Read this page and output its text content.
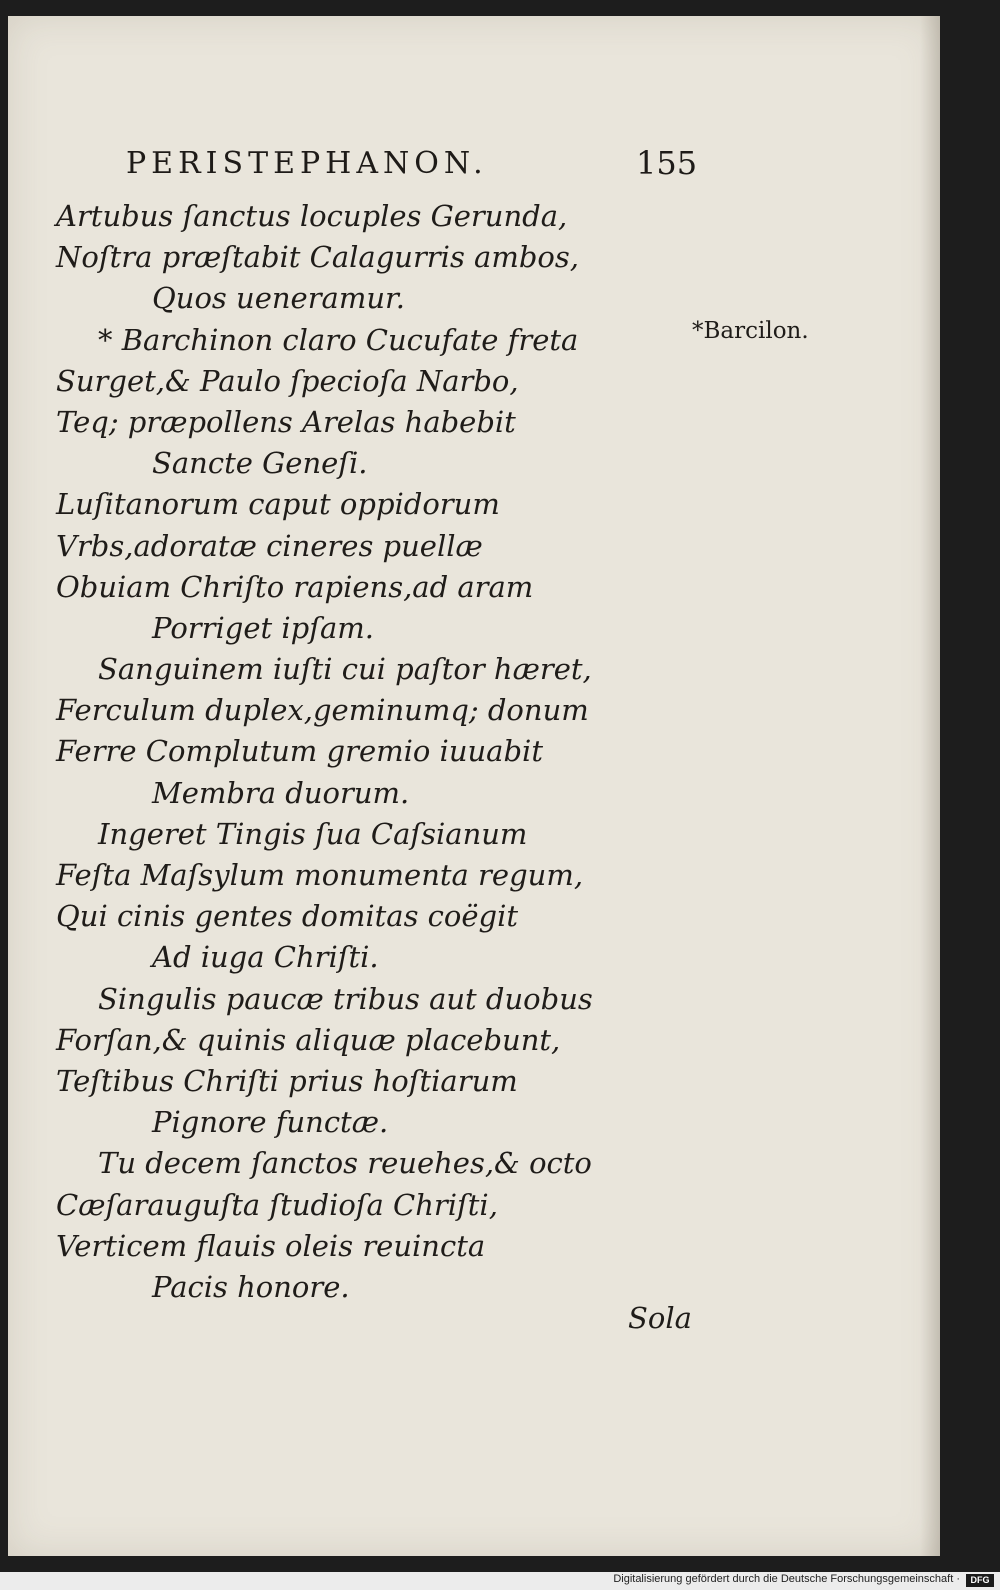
PERISTEPHANON.	155
Artubus ſanctus locuples Gerunda,
Noſtra præſtabit Calagurris ambos,
Quos ueneramur.
* Barchinon claro Cucufate freta
Surget,& Paulo ſpecioſa Narbo,
Teq; præpollens Arelas habebit
Sancte Geneſi.
Luſitanorum caput oppidorum
Vrbs,adoratæ cineres puellæ
Obuiam Chriſto rapiens,ad aram
Porriget ipſam.
Sanguinem iuſti cui paſtor hæret,
Ferculum duplex,geminumq; donum
Ferre Complutum gremio iuuabit
Membra duorum.
Ingeret Tingis ſua Caſsianum
Feſta Maſsylum monumenta regum,
Qui cinis gentes domitas coëgit
Ad iuga Chriſti.
Singulis paucæ tribus aut duobus
Forſan,& quinis aliquæ placebunt,
Teſtibus Chriſti prius hoſtiarum
Pignore functæ.
Tu decem ſanctos reuehes,& octo
Cæſarauguſta ſtudioſa Chriſti,
Verticem flauis oleis reuincta
Pacis honore.
*Barcilon.
Sola
Digitalisierung gefördert durch die Deutsche Forschungsgemeinschaft ·	DFG
